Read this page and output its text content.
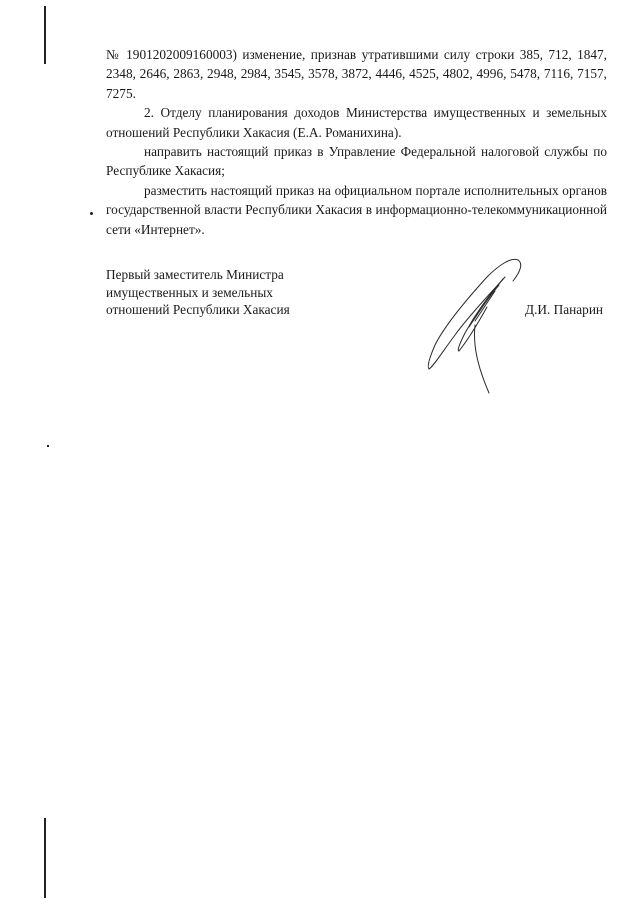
№ 1901202009160003) изменение, признав утратившими силу строки 385, 712, 1847, 2348, 2646, 2863, 2948, 2984, 3545, 3578, 3872, 4446, 4525, 4802, 4996, 5478, 7116, 7157, 7275.

2. Отделу планирования доходов Министерства имущественных и земельных отношений Республики Хакасия (Е.А. Романихина).

направить настоящий приказ в Управление Федеральной налоговой службы по Республике Хакасия;

разместить настоящий приказ на официальном портале исполнительных органов государственной власти Республики Хакасия в информационно-телекоммуникационной сети «Интернет».

Первый заместитель Министра
имущественных и земельных
отношений Республики Хакасия	Д.И. Панарин
